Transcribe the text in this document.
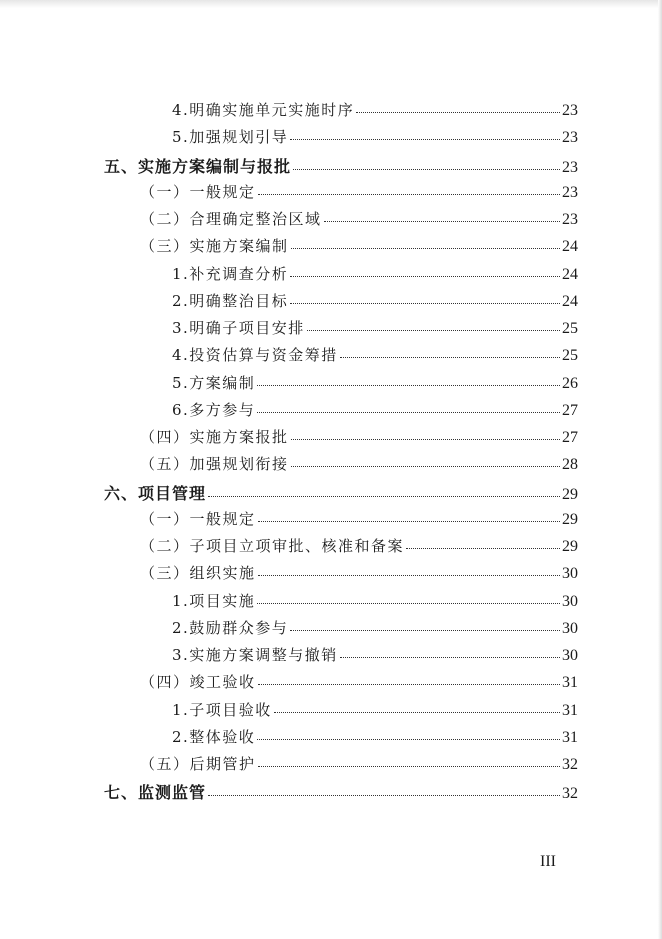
4.明确实施单元实施时序	23
5.加强规划引导	23
五、实施方案编制与报批	23
（一）一般规定	23
（二）合理确定整治区域	23
（三）实施方案编制	24
1.补充调查分析	24
2.明确整治目标	24
3.明确子项目安排	25
4.投资估算与资金筹措	25
5.方案编制	26
6.多方参与	27
（四）实施方案报批	27
（五）加强规划衔接	28
六、项目管理	29
（一）一般规定	29
（二）子项目立项审批、核准和备案	29
（三）组织实施	30
1.项目实施	30
2.鼓励群众参与	30
3.实施方案调整与撤销	30
（四）竣工验收	31
1.子项目验收	31
2.整体验收	31
（五）后期管护	32
七、监测监管	32
III
